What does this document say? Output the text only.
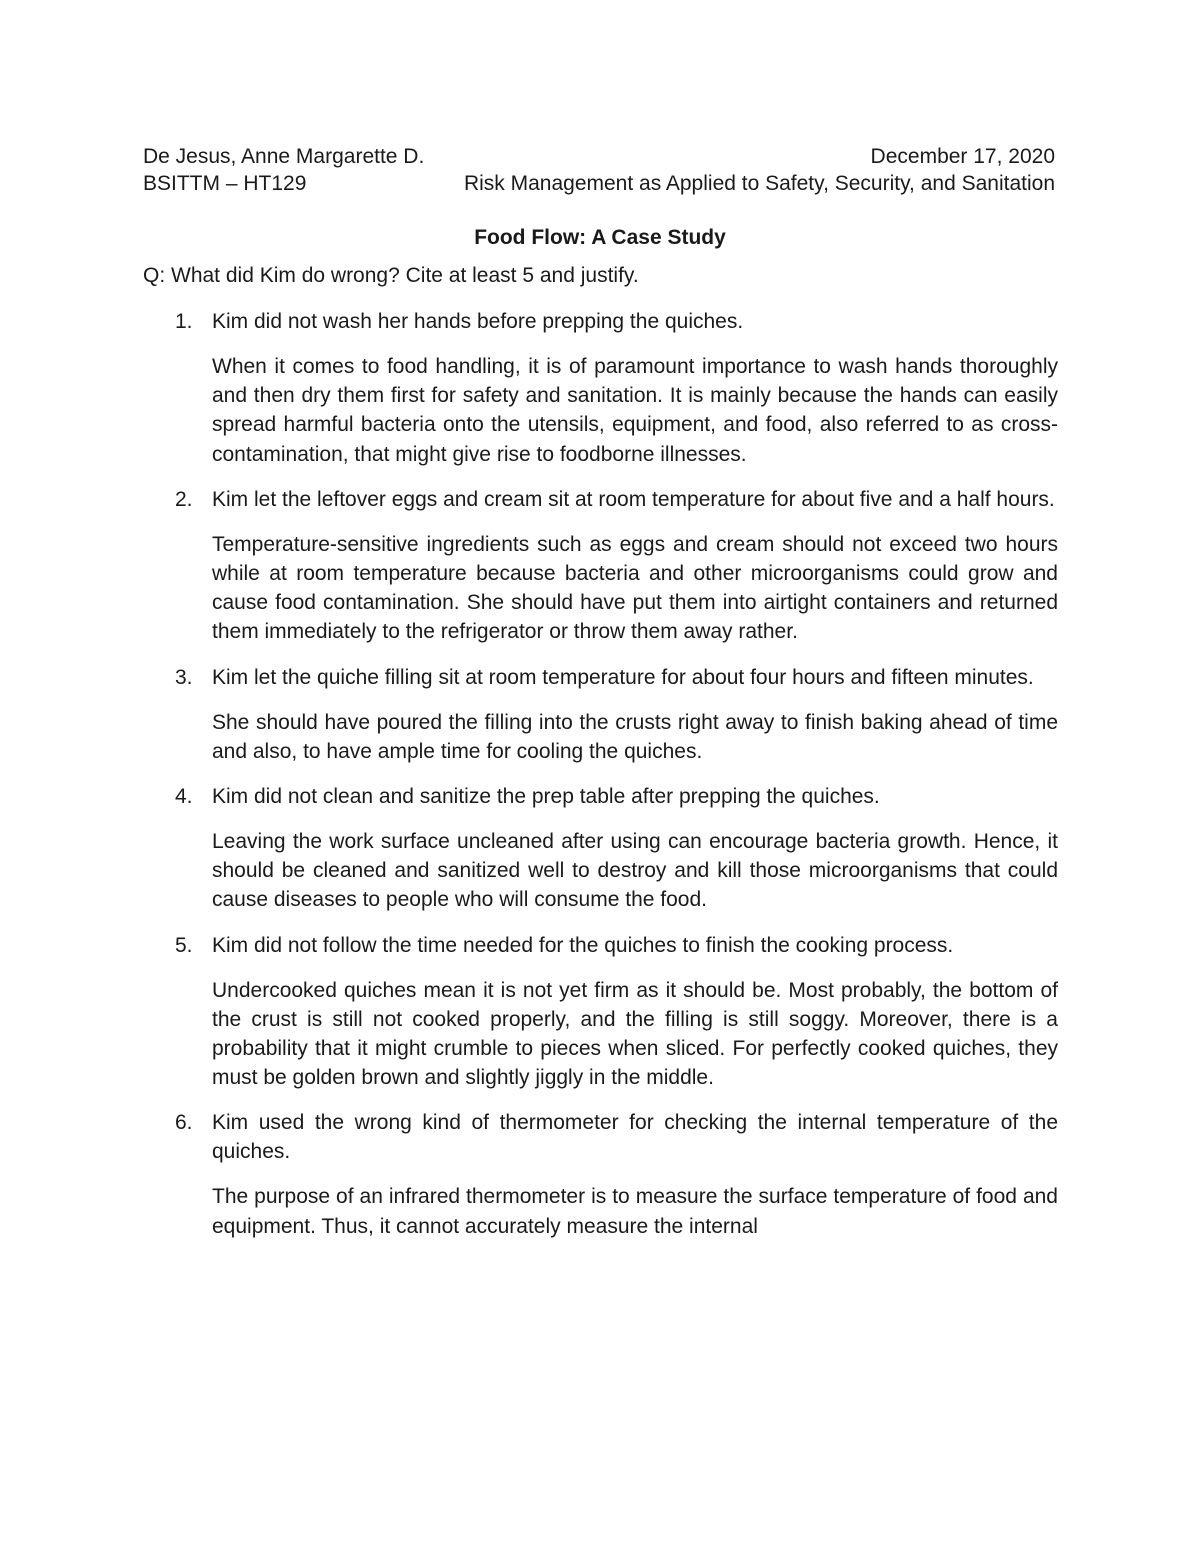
De Jesus, Anne Margarette D.	December 17, 2020
BSITTM – HT129	Risk Management as Applied to Safety, Security, and Sanitation
Food Flow: A Case Study
Q: What did Kim do wrong? Cite at least 5 and justify.
1. Kim did not wash her hands before prepping the quiches.

When it comes to food handling, it is of paramount importance to wash hands thoroughly and then dry them first for safety and sanitation. It is mainly because the hands can easily spread harmful bacteria onto the utensils, equipment, and food, also referred to as cross-contamination, that might give rise to foodborne illnesses.

2. Kim let the leftover eggs and cream sit at room temperature for about five and a half hours.

Temperature-sensitive ingredients such as eggs and cream should not exceed two hours while at room temperature because bacteria and other microorganisms could grow and cause food contamination. She should have put them into airtight containers and returned them immediately to the refrigerator or throw them away rather.

3. Kim let the quiche filling sit at room temperature for about four hours and fifteen minutes.

She should have poured the filling into the crusts right away to finish baking ahead of time and also, to have ample time for cooling the quiches.

4. Kim did not clean and sanitize the prep table after prepping the quiches.

Leaving the work surface uncleaned after using can encourage bacteria growth. Hence, it should be cleaned and sanitized well to destroy and kill those microorganisms that could cause diseases to people who will consume the food.

5. Kim did not follow the time needed for the quiches to finish the cooking process.

Undercooked quiches mean it is not yet firm as it should be. Most probably, the bottom of the crust is still not cooked properly, and the filling is still soggy. Moreover, there is a probability that it might crumble to pieces when sliced. For perfectly cooked quiches, they must be golden brown and slightly jiggly in the middle.

6. Kim used the wrong kind of thermometer for checking the internal temperature of the quiches.

The purpose of an infrared thermometer is to measure the surface temperature of food and equipment. Thus, it cannot accurately measure the internal
